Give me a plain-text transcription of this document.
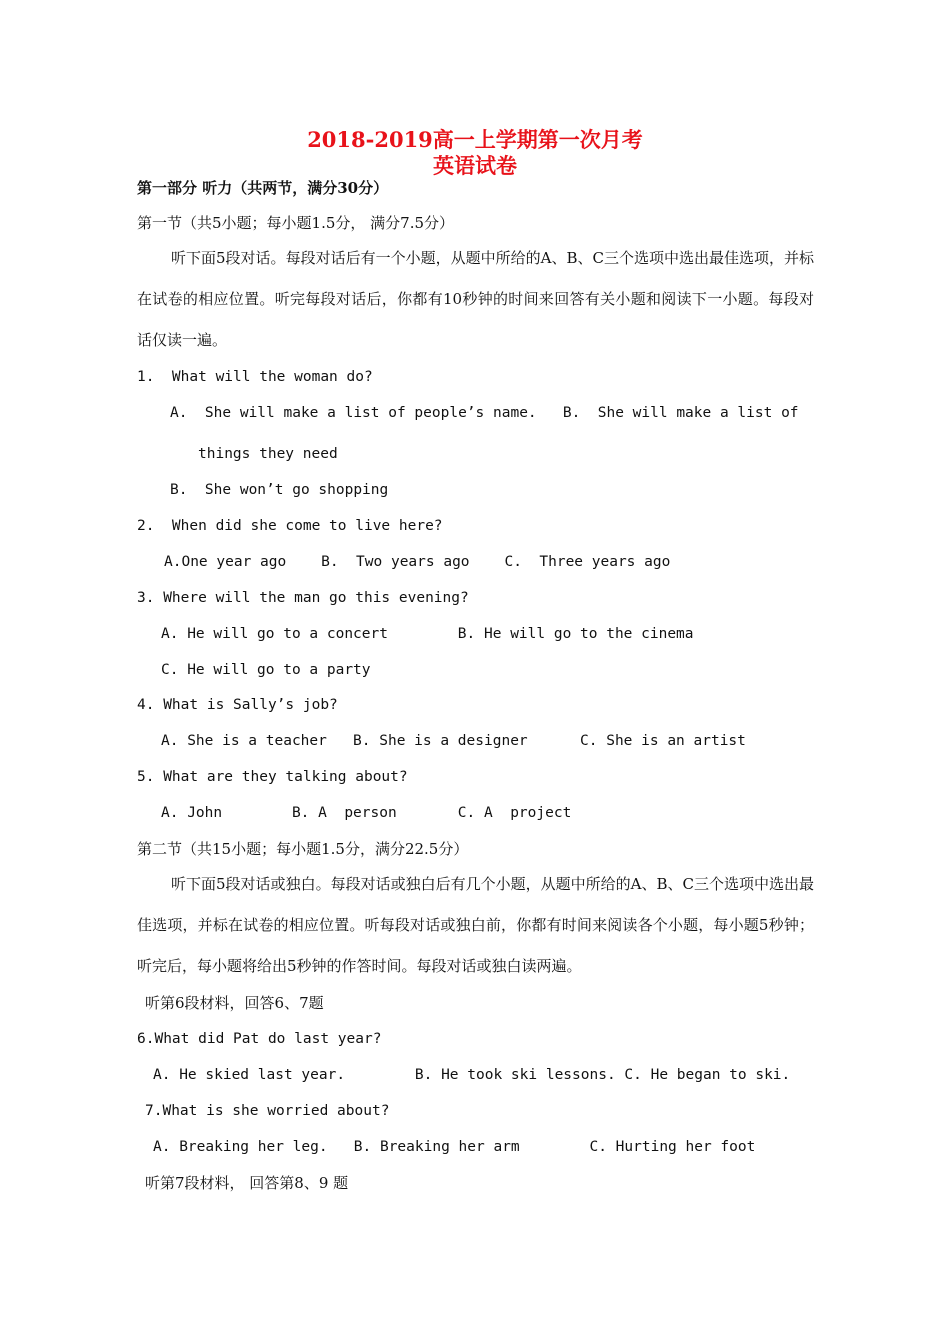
2018-2019高一上学期第一次月考
英语试卷
第一部分 听力（共两节，满分30分）
第一节（共5小题；每小题1.5分， 满分7.5分）
听下面5段对话。每段对话后有一个小题，从题中所给的A、B、C三个选项中选出最佳选项，并标在试卷的相应位置。听完每段对话后，你都有10秒钟的时间来回答有关小题和阅读下一小题。每段对话仅读一遍。
1.  What will the woman do?
A.  She will make a list of people’s name.   B.  She will make a list of
things they need
B.  She won’t go shopping
2.  When did she come to live here?
A.One year ago    B.  Two years ago    C.  Three years ago
3. Where will the man go this evening?
A. He will go to a concert        B. He will go to the cinema
C. He will go to a party
4. What is Sally’s job?
A. She is a teacher   B. She is a designer      C. She is an artist
5. What are they talking about?
A. John        B. A  person       C. A  project
第二节（共15小题；每小题1.5分，满分22.5分）
听下面5段对话或独白。每段对话或独白后有几个小题，从题中所给的A、B、C三个选项中选出最佳选项，并标在试卷的相应位置。听每段对话或独白前，你都有时间来阅读各个小题，每小题5秒钟；听完后，每小题将给出5秒钟的作答时间。每段对话或独白读两遍。
听第6段材料，回答6、7题
6.What did Pat do last year?
A. He skied last year.        B. He took ski lessons. C. He began to ski.
7.What is she worried about?
A. Breaking her leg.   B. Breaking her arm        C. Hurting her foot
听第7段材料， 回答第8、9 题
